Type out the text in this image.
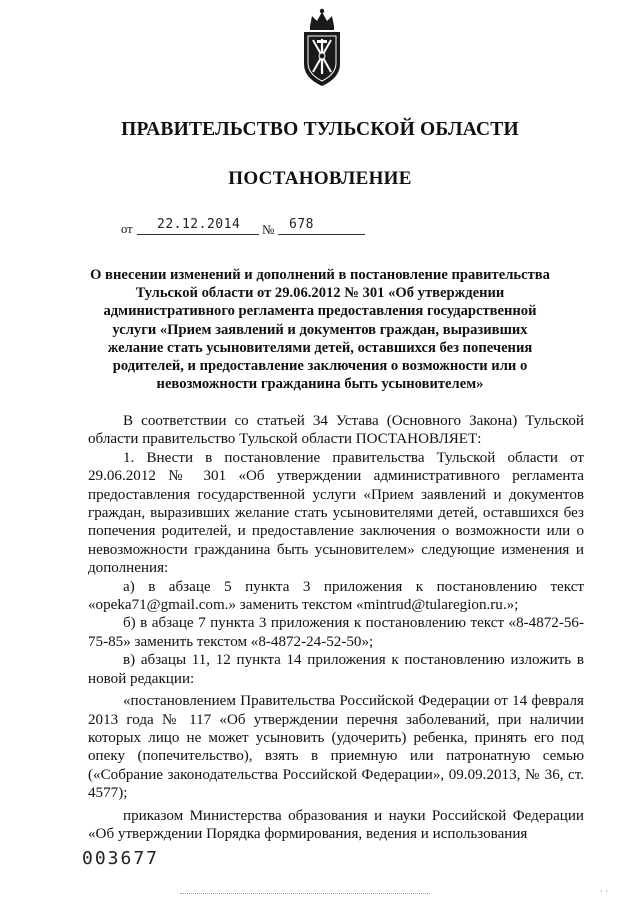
ПРАВИТЕЛЬСТВО ТУЛЬСКОЙ ОБЛАСТИ
ПОСТАНОВЛЕНИЕ
от 22.12.2014 № 678
О внесении изменений и дополнений в постановление правительства Тульской области от 29.06.2012 № 301 «Об утверждении административного регламента предоставления государственной услуги «Прием заявлений и документов граждан, выразивших желание стать усыновителями детей, оставшихся без попечения родителей, и предоставление заключения о возможности или о невозможности гражданина быть усыновителем»

В соответствии со статьей 34 Устава (Основного Закона) Тульской области правительство Тульской области ПОСТАНОВЛЯЕТ:

1. Внести в постановление правительства Тульской области от 29.06.2012 № 301 «Об утверждении административного регламента предоставления государственной услуги «Прием заявлений и документов граждан, выразивших желание стать усыновителями детей, оставшихся без попечения родителей, и предоставление заключения о возможности или о невозможности гражданина быть усыновителем» следующие изменения и дополнения:

а) в абзаце 5 пункта 3 приложения к постановлению текст «opeka71@gmail.com.» заменить текстом «mintrud@tularegion.ru.»;

б) в абзаце 7 пункта 3 приложения к постановлению текст «8-4872-56-75-85» заменить текстом «8-4872-24-52-50»;

в) абзацы 11, 12 пункта 14 приложения к постановлению изложить в новой редакции:

«постановлением Правительства Российской Федерации от 14 февраля 2013 года № 117 «Об утверждении перечня заболеваний, при наличии которых лицо не может усыновить (удочерить) ребенка, принять его под опеку (попечительство), взять в приемную или патронатную семью («Собрание законодательства Российской Федерации», 09.09.2013, № 36, ст. 4577);

приказом Министерства образования и науки Российской Федерации «Об утверждении Порядка формирования, ведения и использования

003677
· ·
